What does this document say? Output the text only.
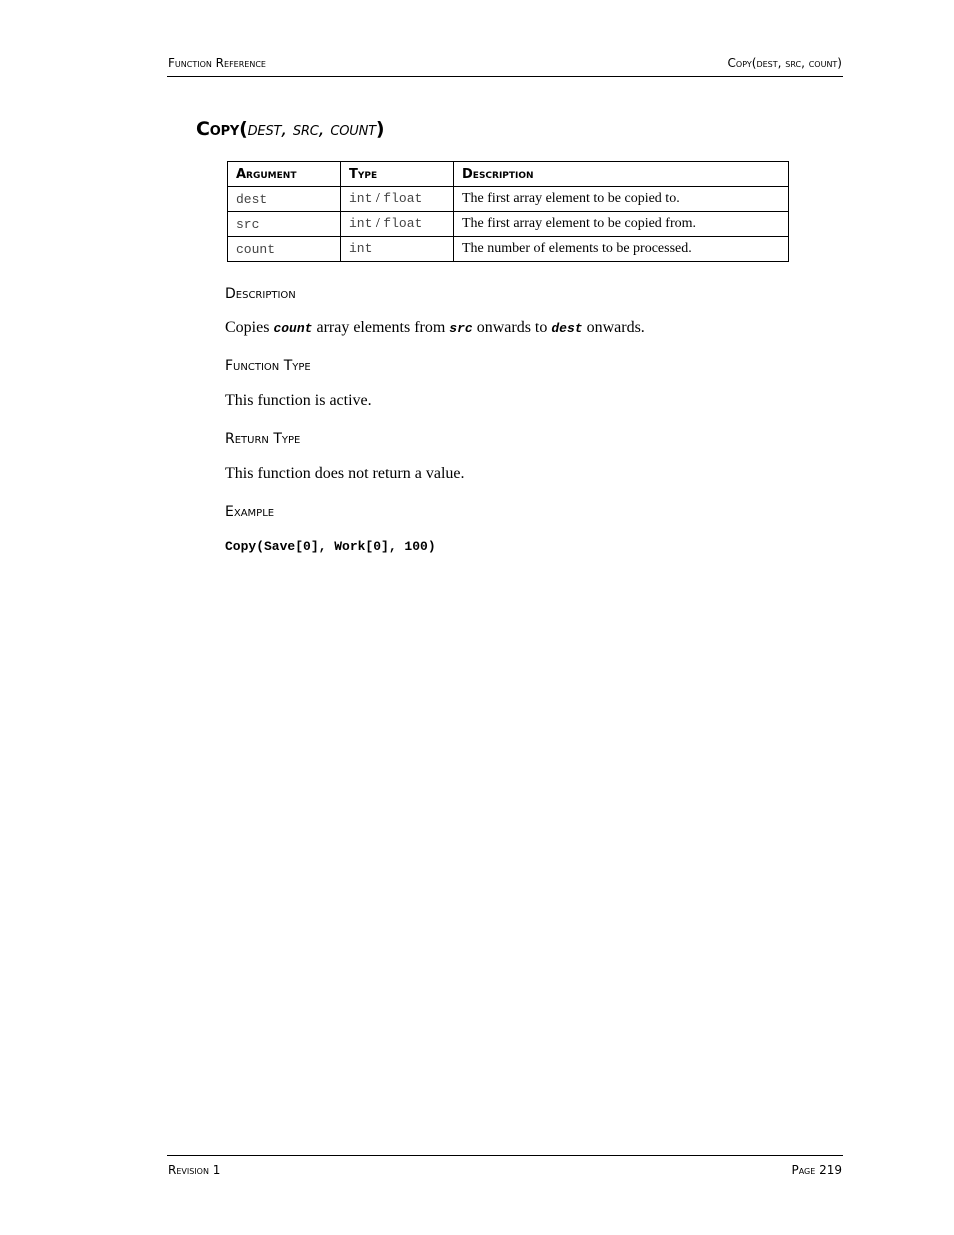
Function Reference	Copy(dest, src, count)
Copy(dest, src, count)
Argument	Type	Description
dest	int / float	The first array element to be copied to.
src	int / float	The first array element to be copied from.
count	int	The number of elements to be processed.
Description
Copies count array elements from src onwards to dest onwards.
Function Type
This function is active.
Return Type
This function does not return a value.
Example
Copy(Save[0], Work[0], 100)
Revision 1	Page 219
